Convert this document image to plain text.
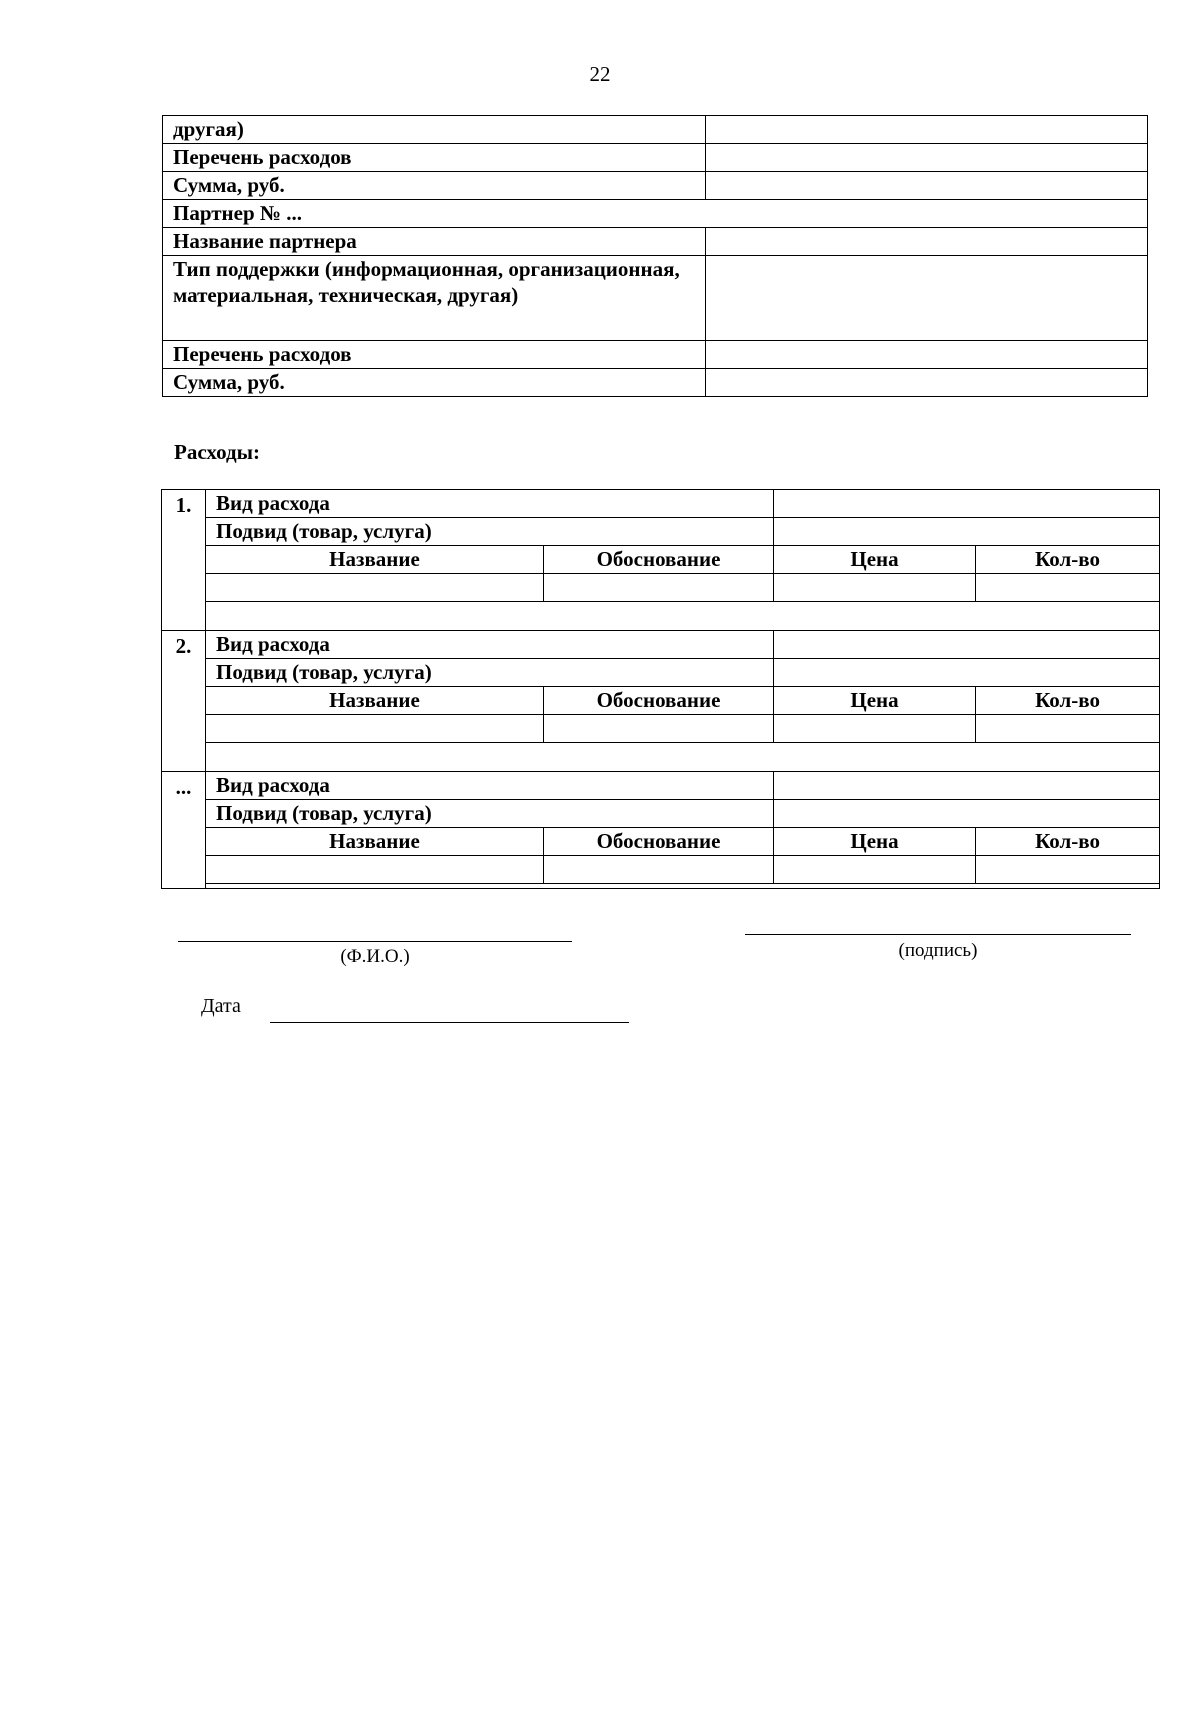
22
другая)	
Перечень расходов	
Сумма, руб.	
Партнер № ...	
Название партнера	
Тип поддержки (информационная, организационная, материальная, техническая, другая)	
Перечень расходов	
Сумма, руб.	
Расходы:
1.	Вид расхода			
	Подвид (товар, услуга)			
	Название	Обоснование	Цена	Кол-во

2.	Вид расхода			
	Подвид (товар, услуга)			
	Название	Обоснование	Цена	Кол-во

...	Вид расхода			
	Подвид (товар, услуга)			
	Название	Обоснование	Цена	Кол-во

(Ф.И.О.)	(подпись)
Дата
